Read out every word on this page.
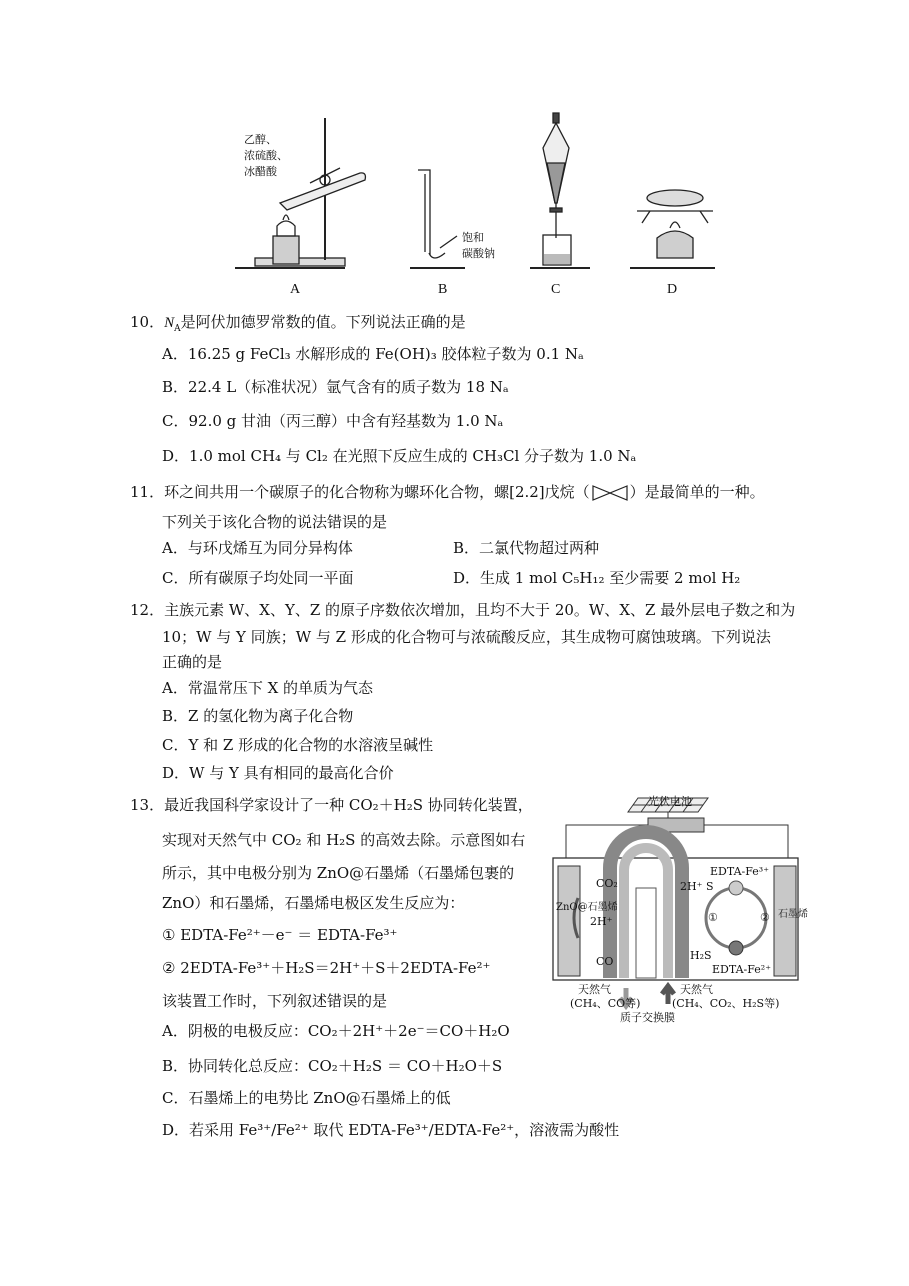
乙醇、
浓硫酸、
冰醋酸
饱和
碳酸钠
A	B	C	D
10．$N_A$是阿伏加德罗常数的值。下列说法正确的是
A．16.25 g FeCl₃ 水解形成的 Fe(OH)₃ 胶体粒子数为 0.1 Nₐ
B．22.4 L（标准状况）氩气含有的质子数为 18 Nₐ
C．92.0 g 甘油（丙三醇）中含有羟基数为 1.0 Nₐ
D．1.0 mol CH₄ 与 Cl₂ 在光照下反应生成的 CH₃Cl 分子数为 1.0 Nₐ
11．环之间共用一个碳原子的化合物称为螺环化合物，螺[2.2]戊烷（	）是最简单的一种。
下列关于该化合物的说法错误的是
A．与环戊烯互为同分异构体	B．二氯代物超过两种
C．所有碳原子均处同一平面	D．生成 1 mol C₅H₁₂ 至少需要 2 mol H₂
12．主族元素 W、X、Y、Z 的原子序数依次增加，且均不大于 20。W、X、Z 最外层电子数之和为
10；W 与 Y 同族；W 与 Z 形成的化合物可与浓硫酸反应，其生成物可腐蚀玻璃。下列说法
正确的是
A．常温常压下 X 的单质为气态
B．Z 的氢化物为离子化合物
C．Y 和 Z 形成的化合物的水溶液呈碱性
D．W 与 Y 具有相同的最高化合价
13．最近我国科学家设计了一种 CO₂＋H₂S 协同转化装置，
实现对天然气中 CO₂ 和 H₂S 的高效去除。示意图如右
所示，其中电极分别为 ZnO@石墨烯（石墨烯包裹的
ZnO）和石墨烯，石墨烯电极区发生反应为：
① EDTA-Fe²⁺－e⁻ ＝ EDTA-Fe³⁺
② 2EDTA-Fe³⁺＋H₂S＝2H⁺＋S＋2EDTA-Fe²⁺
该装置工作时，下列叙述错误的是
A．阴极的电极反应：CO₂＋2H⁺＋2e⁻＝CO＋H₂O
B．协同转化总反应：CO₂＋H₂S ＝ CO＋H₂O＋S
C．石墨烯上的电势比 ZnO@石墨烯上的低
D．若采用 Fe³⁺/Fe²⁺ 取代 EDTA-Fe³⁺/EDTA-Fe²⁺，溶液需为酸性
光伏电池
ZnO@石墨烯
石墨烯
CO₂
2H⁺
CO
2H⁺ S
EDTA-Fe³⁺
EDTA-Fe²⁺
H₂S
①	②
天然气
(CH₄、CO等)
天然气
(CH₄、CO₂、H₂S等)
质子交换膜
